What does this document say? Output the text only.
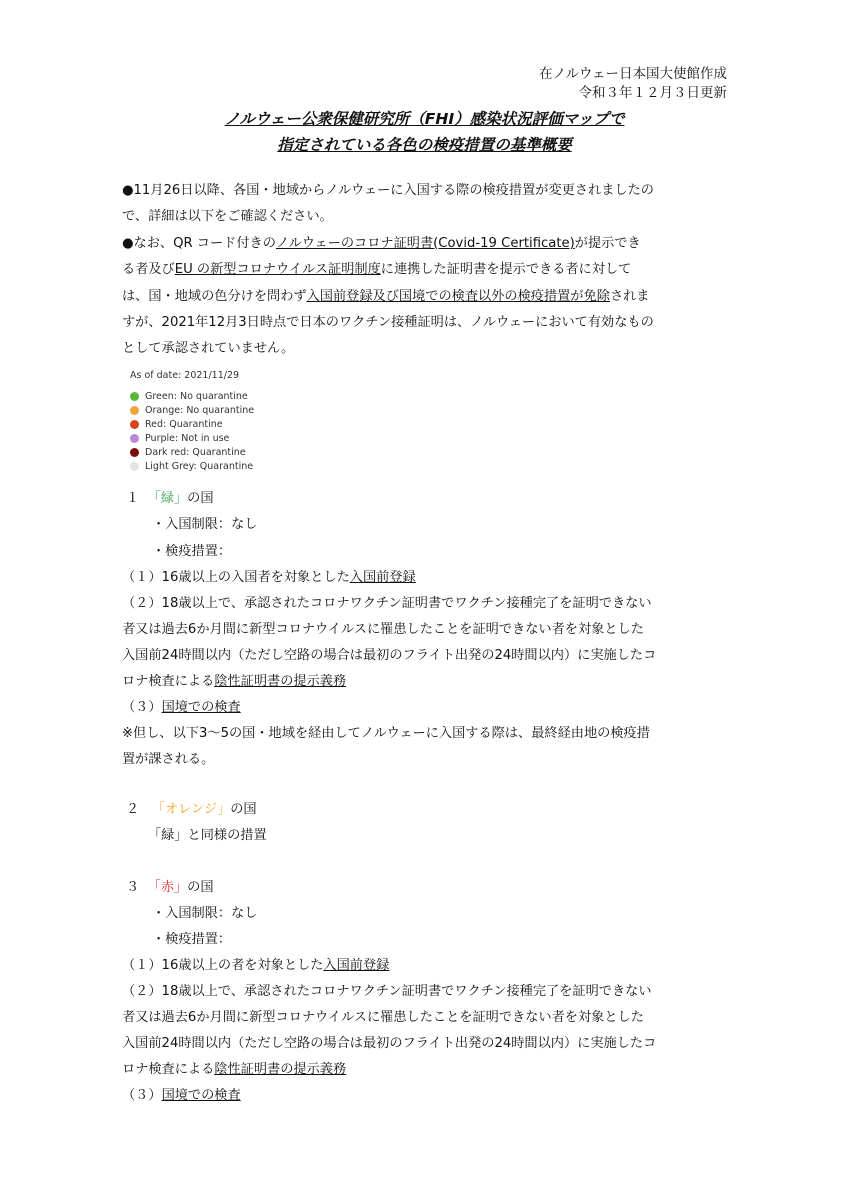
在ノルウェー日本国大使館作成
令和３年１２月３日更新
ノルウェー公衆保健研究所（FHI）感染状況評価マップで
指定されている各色の検疫措置の基準概要
●11月26日以降、各国・地域からノルウェーに入国する際の検疫措置が変更されましたの
で、詳細は以下をご確認ください。
●なお、QR コード付きのノルウェーのコロナ証明書(Covid-19 Certificate)が提示でき
る者及びEU の新型コロナウイルス証明制度に連携した証明書を提示できる者に対して
は、国・地域の色分けを問わず入国前登録及び国境での検査以外の検疫措置が免除されま
すが、2021年12月3日時点で日本のワクチン接種証明は、ノルウェーにおいて有効なもの
として承認されていません。
As of date: 2021/11/29
Green: No quarantine
Orange: No quarantine
Red: Quarantine
Purple: Not in use
Dark red: Quarantine
Light Grey: Quarantine
１ 「緑」の国
・入国制限：なし
・検疫措置：
（１）16歳以上の入国者を対象とした入国前登録
（２）18歳以上で、承認されたコロナワクチン証明書でワクチン接種完了を証明できない
者又は過去6か月間に新型コロナウイルスに罹患したことを証明できない者を対象とした
入国前24時間以内（ただし空路の場合は最初のフライト出発の24時間以内）に実施したコ
ロナ検査による陰性証明書の提示義務
（３）国境での検査
※但し、以下3～5の国・地域を経由してノルウェーに入国する際は、最終経由地の検疫措
置が課される。
２ 「オレンジ」の国
「緑」と同様の措置
３ 「赤」の国
・入国制限：なし
・検疫措置：
（１）16歳以上の者を対象とした入国前登録
（２）18歳以上で、承認されたコロナワクチン証明書でワクチン接種完了を証明できない
者又は過去6か月間に新型コロナウイルスに罹患したことを証明できない者を対象とした
入国前24時間以内（ただし空路の場合は最初のフライト出発の24時間以内）に実施したコ
ロナ検査による陰性証明書の提示義務
（３）国境での検査
